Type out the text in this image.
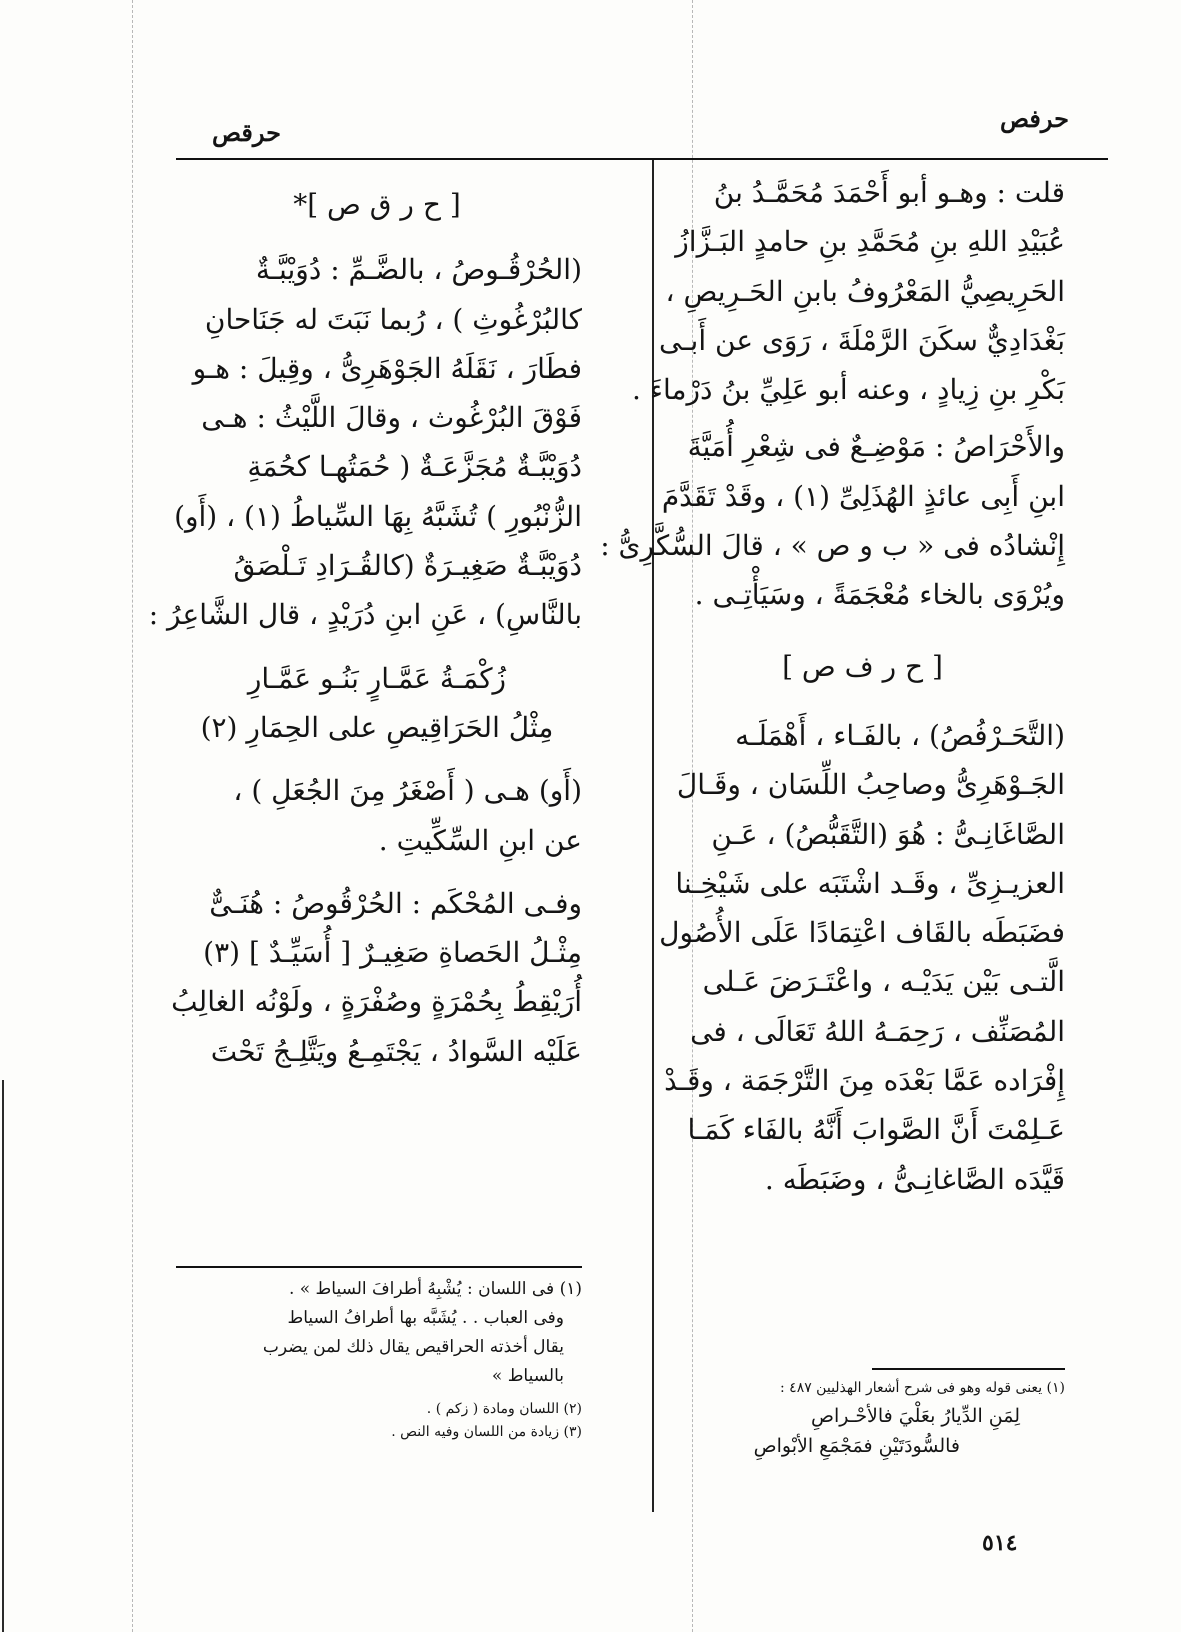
حرفص
حرقص
قلت : وهـو أبو أَحْمَدَ مُحَمَّـدُ بنُ
عُبَيْدِ اللهِ بنِ مُحَمَّدِ بنِ حامدٍ البَـزَّازُ
الحَرِيصِيُّ المَعْرُوفُ بابنِ الحَـرِيصِ ،
بَغْدَادِيٌّ سكَنَ الرَّمْلَةَ ، رَوَى عن أَبـى
بَكْرِ بنِ زِيادٍ ، وعنه أبو عَلِيِّ بنُ دَرْماءَ .
والأَحْرَاصُ : مَوْضِـعٌ فى شِعْرِ أُمَيَّةَ
ابنِ أَبِى عائذٍ الهُذَلِىِّ (١) ، وقَدْ تَقَدَّمَ
إِنْشادُه فى « ب و ص » ، قالَ السُّكَّرِىُّ :
ويُرْوَى بالخاء مُعْجَمَةً ، وسَيَأْتِـى .
[ ح ر ف ص ]
(التَّحَـرْفُصُ) ، بالفَـاء ، أَهْمَلَـه
الجَـوْهَرِىُّ وصاحِبُ اللِّسَان ، وقَـالَ
الصَّاغَانِـىُّ : هُوَ (التَّقَبُّصُ) ، عَـنِ
العزيـزِىِّ ، وقَـد اشْتَبَه على شَيْخِـنا
فضَبَطَه بالقَاف اعْتِمَادًا عَلَى الأُصُول
الَّتـى بَيْن يَدَيْـه ، واعْتَـرَضَ عَـلى
المُصَنِّف ، رَحِمَـهُ اللهُ تَعَالَى ، فى
إِفْرَاده عَمَّا بَعْدَه مِنَ التَّرْجَمَة ، وقَـدْ
عَـلِمْتَ أَنَّ الصَّوابَ أَنَّهُ بالفَاء كَمَـا
قَيَّدَه الصَّاغانِـىُّ ، وضَبَطَه .
(١) يعنى قوله وهو فى شرح أشعار الهذليين ٤٨٧ :
لِمَنِ الدِّيارُ بعَلْيَ فالأحْـراصِ
فالسُّودَتَيْنِ فمَجْمَعِ الأبْواصِ
[ ح ر ق ص ]*
(الحُرْقُـوصُ ، بالضَّـمِّ : دُوَيْبَّـةٌ
كالبُرْغُوثِ ) ، رُبما نَبَتَ له جَنَاحانِ
فطَارَ ، نَقَلَهُ الجَوْهَرِىُّ ، وقِيلَ : هـو
فَوْقَ البُرْغُوث ، وقالَ اللَّيْثُ : هـى
دُوَيْبَّـةٌ مُجَزَّعَـةٌ ( حُمَتُهـا كحُمَةِ
الزُّنْبُورِ ) تُشَبَّهُ بِهَا السِّياطُ (١) ، (أَو)
دُوَيْبَّـةٌ صَغِيـرَةٌ (كالقُـرَادِ تَـلْصَقُ
بالنَّاسِ) ، عَنِ ابنِ دُرَيْدٍ ، قال الشَّاعِرُ :
زُكْمَـةُ عَمَّـارٍ بَنُـو عَمَّـارِ
مِثْلُ الحَرَاقِيصِ على الحِمَارِ (٢)
(أَو) هـى ( أَصْغَرُ مِنَ الجُعَلِ ) ،
عن ابنِ السِّكِّيتِ .
وفـى المُحْكَم : الحُرْقُوصُ : هُنَـىٌّ
مِثْـلُ الحَصاةِ صَغِيـرٌ [ أُسَيِّـدٌ ] (٣)
أُرَيْقِطُ بِحُمْرَةٍ وصُفْرَةٍ ، ولَوْنُه الغالِبُ
عَلَيْه السَّوادُ ، يَجْتَمِـعُ ويَتَّلِـجُ تَحْتَ
(١) فى اللسان : يُشْبِهُ أطرافَ السياط » .
وفى العباب . . يُشَبَّه بها أطرافُ السياط
يقال أخذته الحراقيص يقال ذلك لمن يضرب
بالسياط »
(٢) اللسان ومادة ( زكم ) .
(٣) زيادة من اللسان وفيه النص .
٥١٤
